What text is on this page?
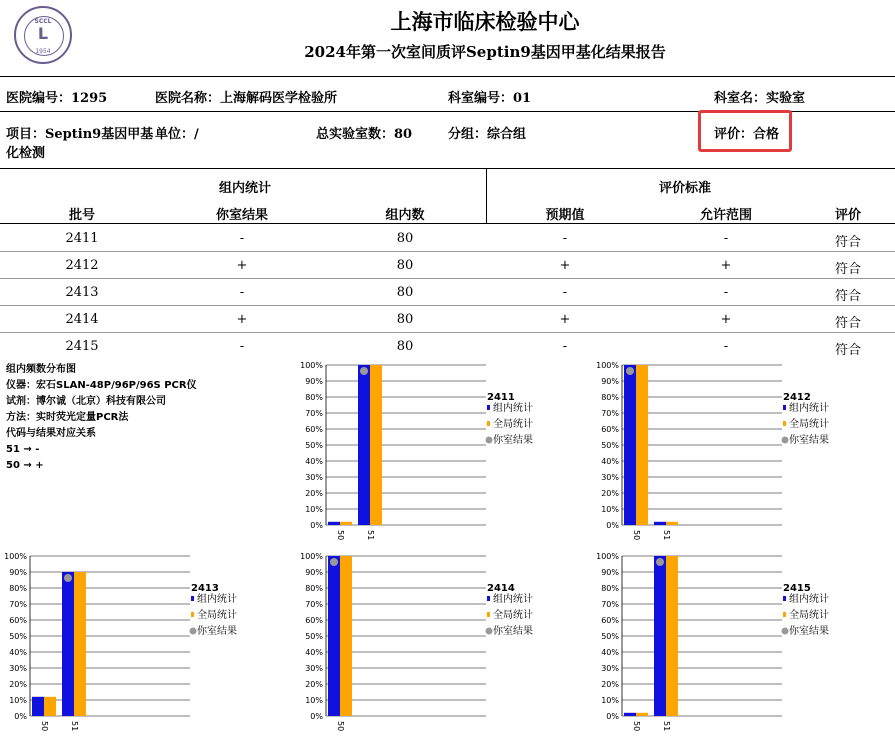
SCCL
L
1954
上海市临床检验中心
2024年第一次室间质评Septin9基因甲基化结果报告
医院编号：1295	医院名称：上海解码医学检验所	科室编号：01	科室名：实验室
项目：Septin9基因甲基
化检测
单位：/	总实验室数：80	分组：综合组	评价：合格
组内统计	评价标准
批号	你室结果	组内数	预期值	允许范围	评价
2411	-	80	-	-	符合
2412	+	80	+	+	符合
2413	-	80	-	-	符合
2414	+	80	+	+	符合
2415	-	80	-	-	符合
组内频数分布图
仪器：宏石SLAN-48P/96P/96S PCR仪
试剂：博尔诚（北京）科技有限公司
方法：实时荧光定量PCR法
代码与结果对应关系
51 → -
50 → +
0%
10%
20%
30%
40%
50%
60%
70%
80%
90%
100%
50	51
2411
组内统计
全局统计
你室结果
0%
10%
20%
30%
40%
50%
60%
70%
80%
90%
100%
50	51
2412
组内统计
全局统计
你室结果
0%
10%
20%
30%
40%
50%
60%
70%
80%
90%
100%
50	51
2413
组内统计
全局统计
你室结果
0%
10%
20%
30%
40%
50%
60%
70%
80%
90%
100%
50
2414
组内统计
全局统计
你室结果
0%
10%
20%
30%
40%
50%
60%
70%
80%
90%
100%
50	51
2415
组内统计
全局统计
你室结果
